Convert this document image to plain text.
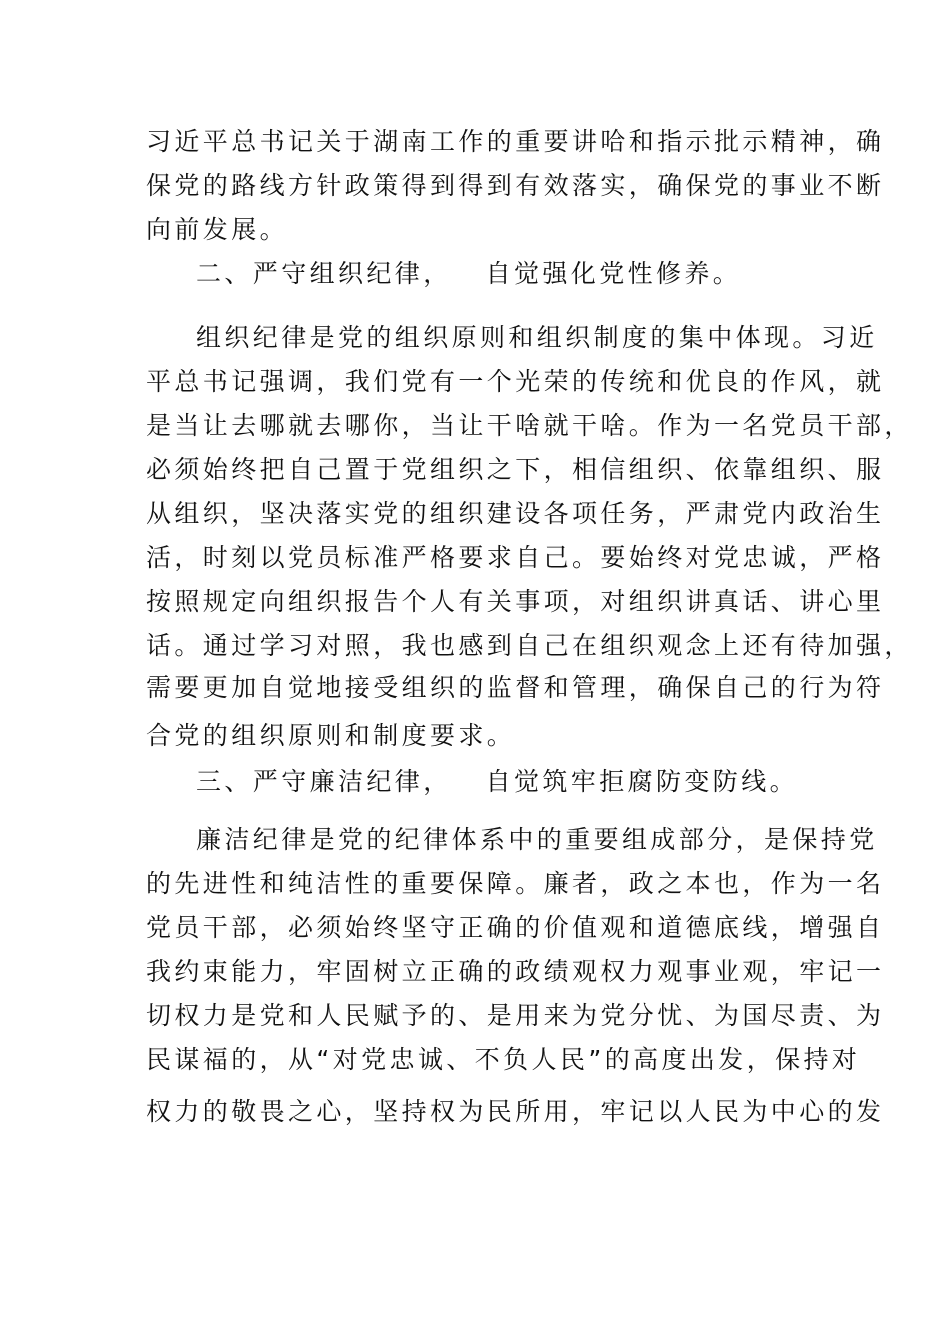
习近平总书记关于湖南工作的重要讲哈和指示批示精神，确
保党的路线方针政策得到得到有效落实，确保党的事业不断
向前发展。
二、严守组织纪律， 自觉强化党性修养。
组织纪律是党的组织原则和组织制度的集中体现。习近
平总书记强调，我们党有一个光荣的传统和优良的作风，就
是当让去哪就去哪你，当让干啥就干啥。作为一名党员干部，
必须始终把自己置于党组织之下，相信组织、依靠组织、服
从组织，坚决落实党的组织建设各项任务，严肃党内政治生
活，时刻以党员标准严格要求自己。要始终对党忠诚，严格
按照规定向组织报告个人有关事项，对组织讲真话、讲心里
话。通过学习对照，我也感到自己在组织观念上还有待加强，
需要更加自觉地接受组织的监督和管理，确保自己的行为符
合党的组织原则和制度要求。
三、严守廉洁纪律， 自觉筑牢拒腐防变防线。
廉洁纪律是党的纪律体系中的重要组成部分，是保持党
的先进性和纯洁性的重要保障。廉者，政之本也，作为一名
党员干部，必须始终坚守正确的价值观和道德底线，增强自
我约束能力，牢固树立正确的政绩观权力观事业观，牢记一
切权力是党和人民赋予的、是用来为党分忧、为国尽责、为
民谋福的，从“对党忠诚、不负人民”的高度出发，保持对
权力的敬畏之心，坚持权为民所用，牢记以人民为中心的发
